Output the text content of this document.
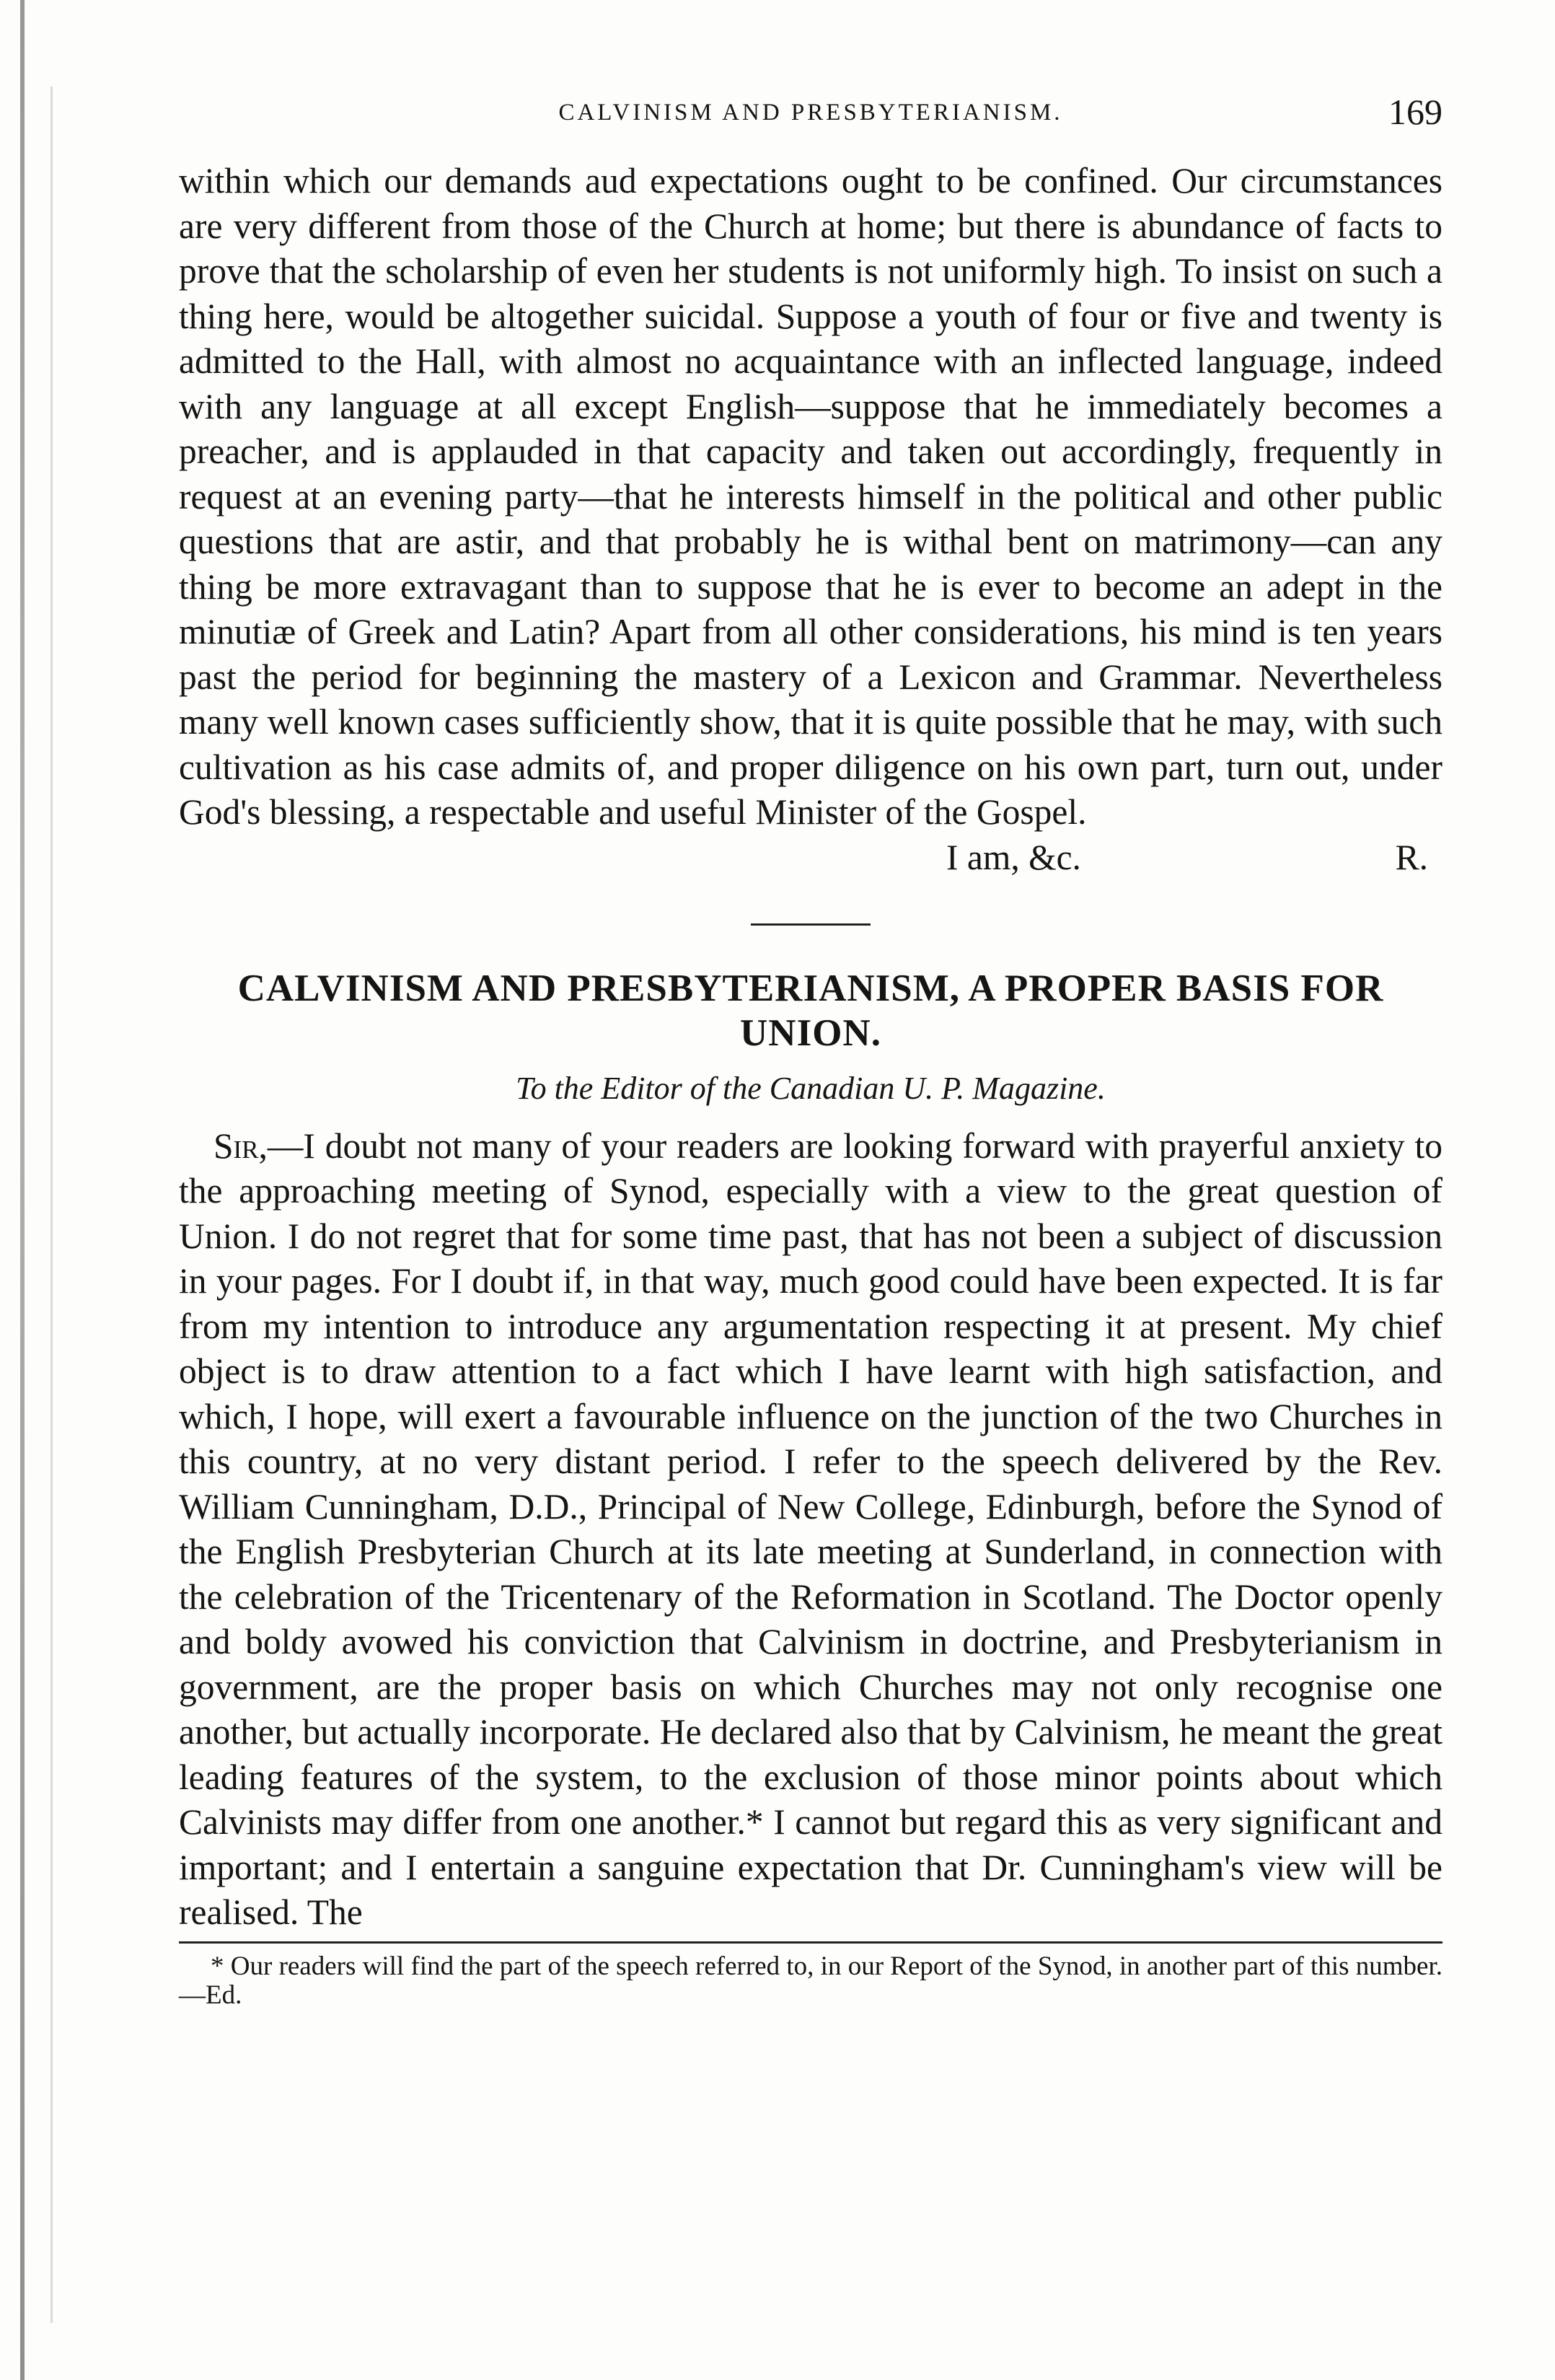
CALVINISM AND PRESBYTERIANISM.	169

within which our demands aud expectations ought to be confined. Our circumstances are very different from those of the Church at home; but there is abundance of facts to prove that the scholarship of even her students is not uniformly high. To insist on such a thing here, would be altogether suicidal. Suppose a youth of four or five and twenty is admitted to the Hall, with almost no acquaintance with an inflected language, indeed with any language at all except English—suppose that he immediately becomes a preacher, and is applauded in that capacity and taken out accordingly, frequently in request at an evening party—that he interests himself in the political and other public questions that are astir, and that probably he is withal bent on matrimony—can any thing be more extravagant than to suppose that he is ever to become an adept in the minutiæ of Greek and Latin? Apart from all other considerations, his mind is ten years past the period for beginning the mastery of a Lexicon and Grammar. Nevertheless many well known cases sufficiently show, that it is quite possible that he may, with such cultivation as his case admits of, and proper diligence on his own part, turn out, under God's blessing, a respectable and useful Minister of the Gospel.

I am, &c.	R.
CALVINISM AND PRESBYTERIANISM, A PROPER BASIS FOR UNION.
To the Editor of the Canadian U. P. Magazine.

Sir,—I doubt not many of your readers are looking forward with prayerful anxiety to the approaching meeting of Synod, especially with a view to the great question of Union. I do not regret that for some time past, that has not been a subject of discussion in your pages. For I doubt if, in that way, much good could have been expected. It is far from my intention to introduce any argumentation respecting it at present. My chief object is to draw attention to a fact which I have learnt with high satisfaction, and which, I hope, will exert a favourable influence on the junction of the two Churches in this country, at no very distant period. I refer to the speech delivered by the Rev. William Cunningham, D.D., Principal of New College, Edinburgh, before the Synod of the English Presbyterian Church at its late meeting at Sunderland, in connection with the celebration of the Tricentenary of the Reformation in Scotland. The Doctor openly and boldy avowed his conviction that Calvinism in doctrine, and Presbyterianism in government, are the proper basis on which Churches may not only recognise one another, but actually incorporate. He declared also that by Calvinism, he meant the great leading features of the system, to the exclusion of those minor points about which Calvinists may differ from one another.* I cannot but regard this as very significant and important; and I entertain a sanguine expectation that Dr. Cunningham's view will be realised. The

* Our readers will find the part of the speech referred to, in our Report of the Synod, in another part of this number.—Ed.
